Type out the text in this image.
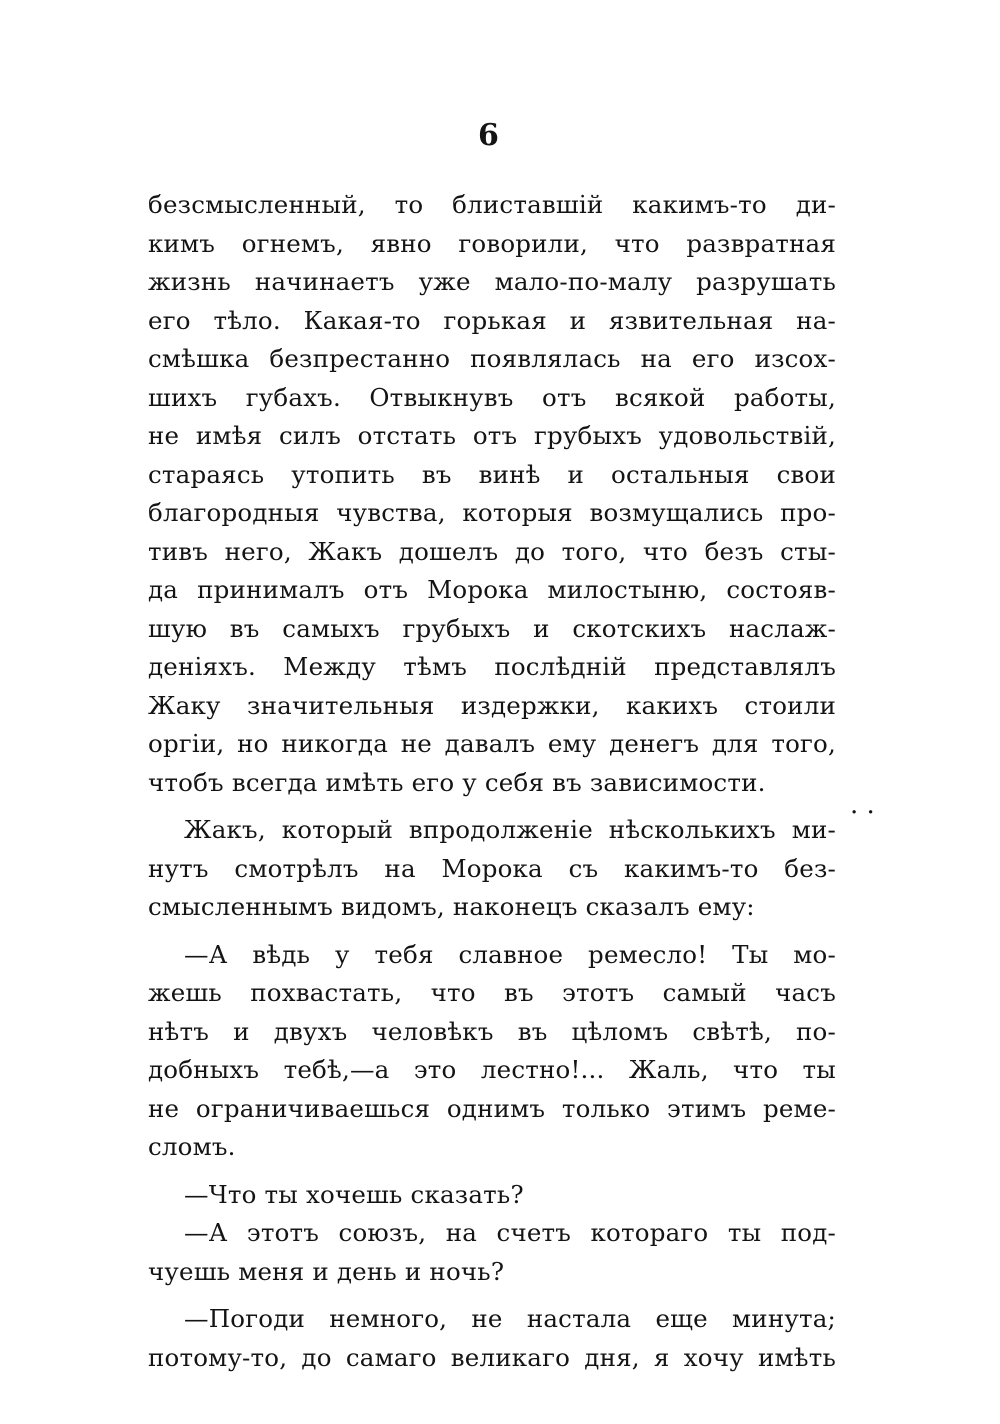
6
. .
безсмысленный, то блиставшій какимъ-то ди-
кимъ огнемъ, явно говорили, что развратная
жизнь начинаетъ уже мало-по-малу разрушать
его тѣло. Какая-то горькая и язвительная на-
смѣшка безпрестанно появлялась на его изсох-
шихъ губахъ. Отвыкнувъ отъ всякой работы,
не имѣя силъ отстать отъ грубыхъ удовольствій,
стараясь утопить въ винѣ и остальныя свои
благородныя чувства, которыя возмущались про-
тивъ него, Жакъ дошелъ до того, что безъ сты-
да принималъ отъ Морока милостыню, состояв-
шую въ самыхъ грубыхъ и скотскихъ наслаж-
деніяхъ. Между тѣмъ послѣдній представлялъ
Жаку значительныя издержки, какихъ стоили
оргіи, но никогда не давалъ ему денегъ для того,
чтобъ всегда имѣть его у себя въ зависимости.
Жакъ, который впродолженіе нѣсколькихъ ми-
нутъ смотрѣлъ на Морока съ какимъ-то без-
смысленнымъ видомъ, наконецъ сказалъ ему:
—А вѣдь у тебя славное ремесло! Ты мо-
жешь похвастать, что въ этотъ самый часъ
нѣтъ и двухъ человѣкъ въ цѣломъ свѣтѣ, по-
добныхъ тебѣ,—а это лестно!... Жаль, что ты
не ограничиваешься однимъ только этимъ реме-
сломъ.
—Что ты хочешь сказать?
—А этотъ союзъ, на счетъ котораго ты под-
чуешь меня и день и ночь?
—Погоди немного, не настала еще минута;
потому-то, до самаго великаго дня, я хочу имѣть
